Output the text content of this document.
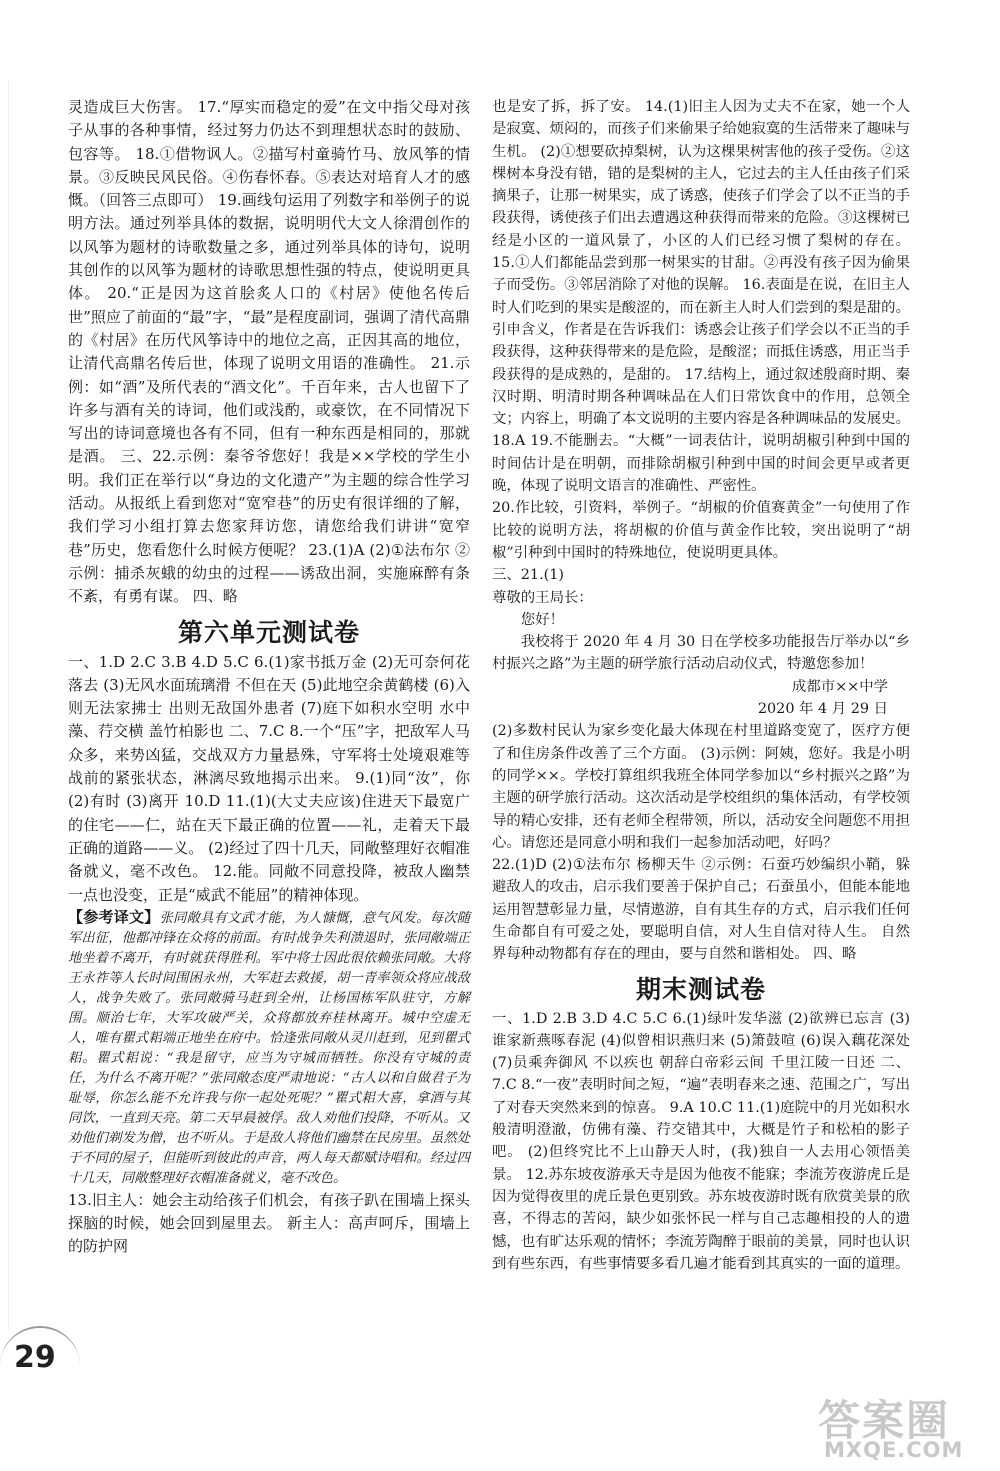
灵造成巨大伤害。 17.“厚实而稳定的爱”在文中指父母对孩子从事的各种事情，经过努力仍达不到理想状态时的鼓励、包容等。 18.①借物讽人。②描写村童骑竹马、放风筝的情景。③反映民风民俗。④伤春怀春。⑤表达对培育人才的感慨。（回答三点即可） 19.画线句运用了列数字和举例子的说明方法。通过列举具体的数据，说明明代大文人徐渭创作的以风筝为题材的诗歌数量之多，通过列举具体的诗句，说明其创作的以风筝为题材的诗歌思想性强的特点，使说明更具体。 20.“正是因为这首脍炙人口的《村居》使他名传后世”照应了前面的“最”字，“最”是程度副词，强调了清代高鼎的《村居》在历代风筝诗中的地位之高，正因其高的地位，让清代高鼎名传后世，体现了说明文用语的准确性。 21.示例：如“酒”及所代表的“酒文化”。千百年来，古人也留下了许多与酒有关的诗词，他们或浅酌，或豪饮，在不同情况下写出的诗词意境也各有不同，但有一种东西是相同的，那就是酒。 三、22.示例：秦爷爷您好！我是××学校的学生小明。我们正在举行以“身边的文化遗产”为主题的综合性学习活动。从报纸上看到您对“宽窄巷”的历史有很详细的了解，我们学习小组打算去您家拜访您，请您给我们讲讲“宽窄巷”历史，您看您什么时候方便呢？ 23.(1)A (2)①法布尔 ②示例：捕杀灰蛾的幼虫的过程——诱敌出洞，实施麻醉有条不紊，有勇有谋。 四、略

第六单元测试卷

一、1.D 2.C 3.B 4.D 5.C 6.(1)家书抵万金 (2)无可奈何花落去 (3)无风水面琉璃滑 不但在天 (5)此地空余黄鹤楼 (6)入则无法家拂士 出则无敌国外患者 (7)庭下如积水空明 水中藻、荇交横 盖竹柏影也 二、7.C 8.一个“压”字，把敌军人马众多，来势凶猛，交战双方力量悬殊，守军将士处境艰难等战前的紧张状态，淋漓尽致地揭示出来。 9.(1)同“汝”，你 (2)有时 (3)离开 10.D 11.(1)(大丈夫应该)住进天下最宽广的住宅——仁，站在天下最正确的位置——礼，走着天下最正确的道路——义。 (2)经过了四十几天，同敞整理好衣帽准备就义，毫不改色。 12.能。同敞不同意投降，被敌人幽禁一点也没变，正是“威武不能屈”的精神体现。

【参考译文】张同敞具有文武才能，为人慷慨，意气风发。每次随军出征，他都冲锋在众将的前面。有时战争失利溃退时，张同敞端正地坐着不离开，有时就获得胜利。军中将士因此很依赖张同敞。大将王永祚等人长时间围困永州，大军赶去救援，胡一青率领众将应战敌人，战争失败了。张同敞骑马赶到全州，让杨国栋军队驻守，方解围。顺治七年，大军攻破严关，众将都放弃桂林离开。城中空虚无人，唯有瞿式耜端正地坐在府中。恰逢张同敞从灵川赶到，见到瞿式耜。瞿式耜说：“我是留守，应当为守城而牺牲。你没有守城的责任，为什么不离开呢？”张同敞态度严肃地说：“古人以和自做君子为耻辱，你怎么能不允许我与你一起处死呢？”瞿式耜大喜，拿酒与其同饮，一直到天亮。第二天早晨被俘。敌人劝他们投降，不听从。又劝他们剃发为僧，也不听从。于是敌人将他们幽禁在民房里。虽然处于不同的屋子，但能听到彼此的声音，两人每天都赋诗唱和。经过四十几天，同敞整理好衣帽准备就义，毫不改色。

13.旧主人：她会主动给孩子们机会，有孩子趴在围墙上探头探脑的时候，她会回到屋里去。 新主人：高声呵斥，围墙上的防护网

也是安了拆，拆了安。 14.(1)旧主人因为丈夫不在家，她一个人是寂寞、烦闷的，而孩子们来偷果子给她寂寞的生活带来了趣味与生机。 (2)①想要砍掉梨树，认为这棵果树害他的孩子受伤。②这棵树本身没有错，错的是梨树的主人，它过去的主人任由孩子们采摘果子，让那一树果实，成了诱惑，使孩子们学会了以不正当的手段获得，诱使孩子们出去遭遇这种获得而带来的危险。③这棵树已经是小区的一道风景了，小区的人们已经习惯了梨树的存在。 15.①人们都能品尝到那一树果实的甘甜。②再没有孩子因为偷果子而受伤。③邻居消除了对他的误解。 16.表面是在说，在旧主人时人们吃到的果实是酸涩的，而在新主人时人们尝到的梨是甜的。引申含义，作者是在告诉我们：诱惑会让孩子们学会以不正当的手段获得，这种获得带来的是危险，是酸涩；而抵住诱惑，用正当手段获得的是成熟的，是甜的。 17.结构上，通过叙述殷商时期、秦汉时期、明清时期各种调味品在人们日常饮食中的作用，总领全文；内容上，明确了本文说明的主要内容是各种调味品的发展史。 18.A 19.不能删去。“大概”一词表估计，说明胡椒引种到中国的时间估计是在明朝，而排除胡椒引种到中国的时间会更早或者更晚，体现了说明文语言的准确性、严密性。

20.作比较，引资料，举例子。“胡椒的价值赛黄金”一句使用了作比较的说明方法，将胡椒的价值与黄金作比较，突出说明了“胡椒”引种到中国时的特殊地位，使说明更具体。

三、21.(1)

尊敬的王局长：

您好！

我校将于 2020 年 4 月 30 日在学校多功能报告厅举办以“乡村振兴之路”为主题的研学旅行活动启动仪式，特邀您参加！

成都市××中学

2020 年 4 月 29 日

(2)多数村民认为家乡变化最大体现在村里道路变宽了，医疗方便了和住房条件改善了三个方面。 (3)示例：阿姨，您好。我是小明的同学××。学校打算组织我班全体同学参加以“乡村振兴之路”为主题的研学旅行活动。这次活动是学校组织的集体活动，有学校领导的精心安排，还有老师全程带领，所以，活动安全问题您不用担心。请您还是同意小明和我们一起参加活动吧，好吗？

22.(1)D (2)①法布尔 杨柳天牛 ②示例：石蚕巧妙编织小鞘，躲避敌人的攻击，启示我们要善于保护自己；石蚕虽小，但能本能地运用智慧彰显力量，尽情遨游，自有其生存的方式，启示我们任何生命都自有可爱之处，要聪明自信，对人生自信对待人生。 自然界每种动物都有存在的理由，要与自然和谐相处。 四、略

期末测试卷

一、1.D 2.B 3.D 4.C 5.C 6.(1)绿叶发华滋 (2)欲辨已忘言 (3)谁家新燕啄春泥 (4)似曾相识燕归来 (5)箫鼓喧 (6)误入藕花深处 (7)员乘奔御风 不以疾也 朝辞白帝彩云间 千里江陵一日还 二、7.C 8.“一夜”表明时间之短，“遍”表明春来之速、范围之广，写出了对春天突然来到的惊喜。 9.A 10.C 11.(1)庭院中的月光如积水般清明澄澈，仿佛有藻、荇交错其中，大概是竹子和松柏的影子吧。 (2)但终究比不上山静天人时，(我)独自一人去用心领悟美景。 12.苏东坡夜游承天寺是因为他夜不能寐；李流芳夜游虎丘是因为觉得夜里的虎丘景色更别致。苏东坡夜游时既有欣赏美景的欣喜，不得志的苦闷，缺少如张怀民一样与自己志趣相投的人的遗憾，也有旷达乐观的情怀；李流芳陶醉于眼前的美景，同时也认识到有些东西，有些事情要多看几遍才能看到其真实的一面的道理。

29
答案圈
MXQE.COM
